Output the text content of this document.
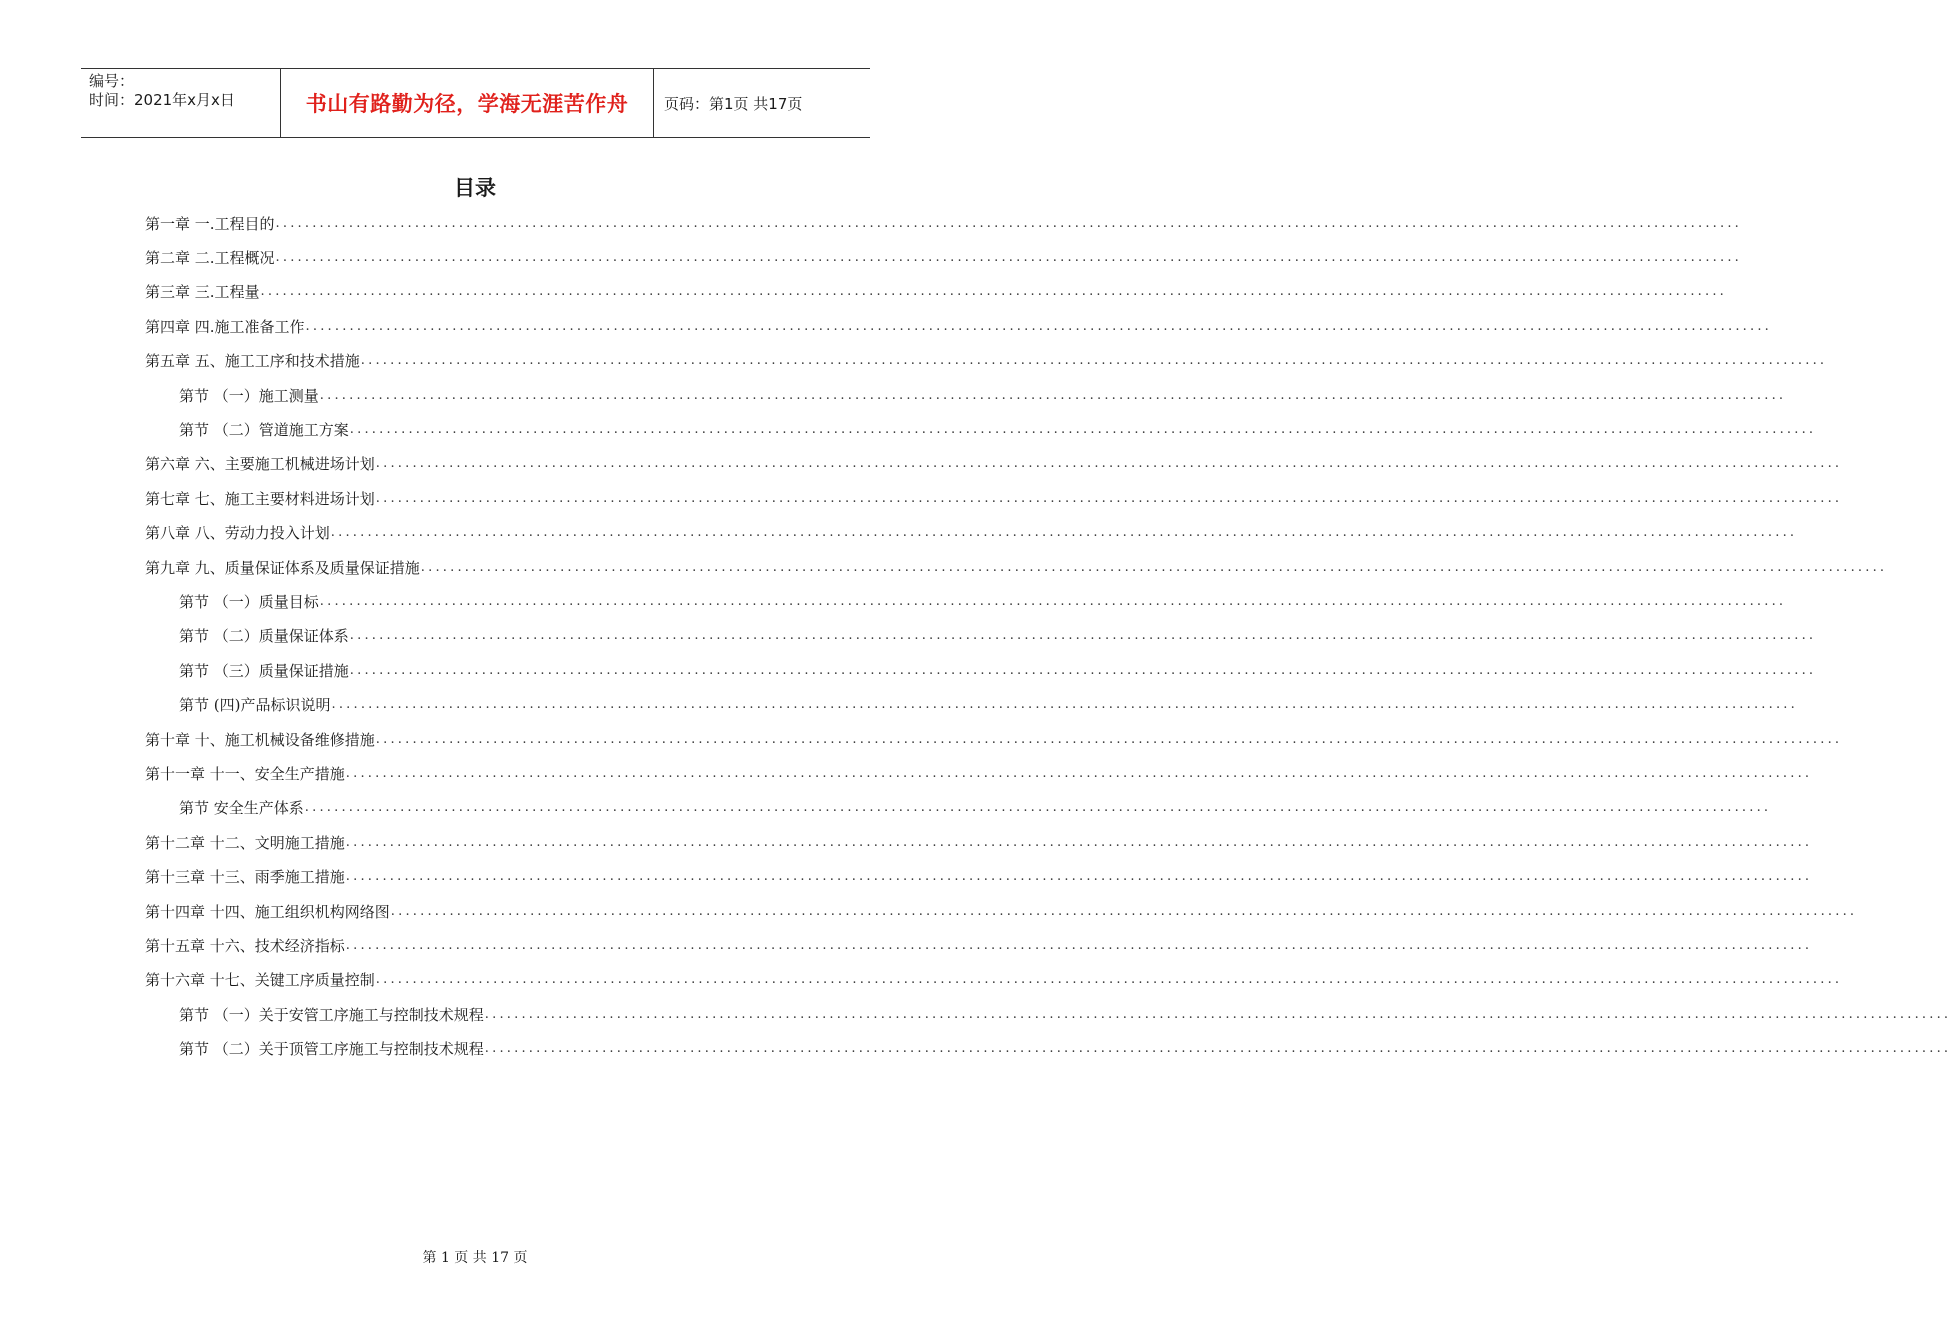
编号：
时间：2021年x月x日	书山有路勤为径，学海无涯苦作舟	页码：第1页 共17页
目录
第一章 一.工程目的 ........................................................................................................................................................................................................
第二章 二.工程概况 ........................................................................................................................................................................................................
第三章 三.工程量 ........................................................................................................................................................................................................
第四章 四.施工准备工作 ........................................................................................................................................................................................................
第五章 五、施工工序和技术措施 ........................................................................................................................................................................................................
第节 （一）施工测量 ........................................................................................................................................................................................................
第节 （二）管道施工方案 ........................................................................................................................................................................................................
第六章 六、主要施工机械进场计划 ........................................................................................................................................................................................................
第七章 七、施工主要材料进场计划 ........................................................................................................................................................................................................
第八章 八、劳动力投入计划 ........................................................................................................................................................................................................
第九章 九、质量保证体系及质量保证措施 ........................................................................................................................................................................................................
第节 （一）质量目标 ........................................................................................................................................................................................................
第节 （二）质量保证体系 ........................................................................................................................................................................................................
第节 （三）质量保证措施 ........................................................................................................................................................................................................
第节 (四)产品标识说明 ........................................................................................................................................................................................................
第十章 十、施工机械设备维修措施 ........................................................................................................................................................................................................
第十一章 十一、安全生产措施 ........................................................................................................................................................................................................
第节 安全生产体系 ........................................................................................................................................................................................................
第十二章 十二、文明施工措施 ........................................................................................................................................................................................................
第十三章 十三、雨季施工措施 ........................................................................................................................................................................................................
第十四章 十四、施工组织机构网络图 ........................................................................................................................................................................................................
第十五章 十六、技术经济指标 ........................................................................................................................................................................................................
第十六章 十七、关键工序质量控制 ........................................................................................................................................................................................................
第节 （一）关于安管工序施工与控制技术规程 ........................................................................................................................................................................................................
第节 （二）关于顶管工序施工与控制技术规程 ........................................................................................................................................................................................................
第 1 页 共 17 页
